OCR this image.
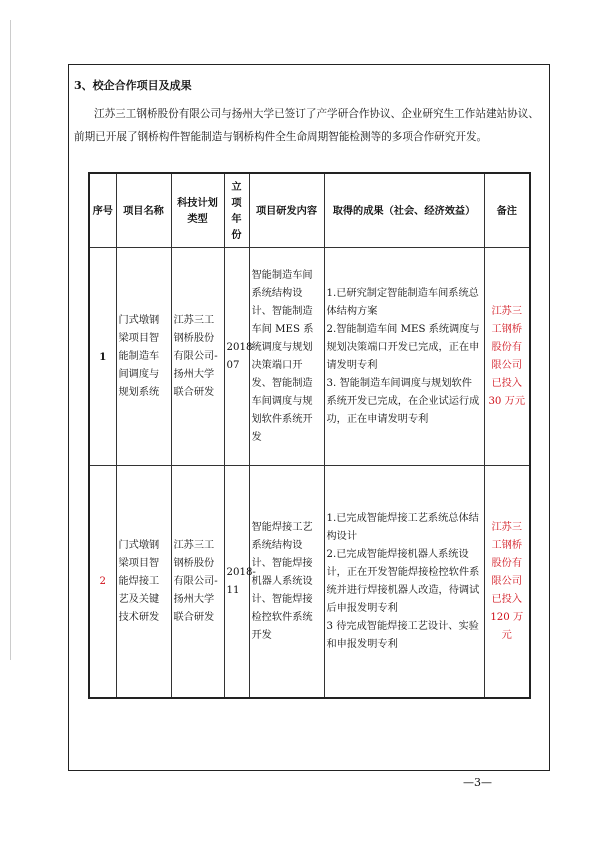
3、校企合作项目及成果

江苏三工钢桥股份有限公司与扬州大学已签订了产学研合作协议、企业研究生工作站建站协议、

前期已开展了钢桥构件智能制造与钢桥构件全生命周期智能检测等的多项合作研究开发。

序号	项目名称	科技计划类型	立项年份	项目研发内容	取得的成果（社会、经济效益）	备注
1	门式墩钢梁项目智能制造车间调度与规划系统	江苏三工钢桥股份有限公司-扬州大学联合研发	2018-07	智能制造车间系统结构设计、智能制造车间 MES 系统调度与规划决策端口开发、智能制造车间调度与规划软件系统开发	1.已研究制定智能制造车间系统总体结构方案
2.智能制造车间 MES 系统调度与规划决策端口开发已完成，正在申请发明专利
3. 智能制造车间调度与规划软件系统开发已完成，在企业试运行成功，正在申请发明专利	江苏三工钢桥股份有限公司已投入 30 万元
2	门式墩钢梁项目智能焊接工艺及关键技术研发	江苏三工钢桥股份有限公司-扬州大学联合研发	2018-11	智能焊接工艺系统结构设计、智能焊接机器人系统设计、智能焊接检控软件系统开发	1.已完成智能焊接工艺系统总体结构设计
2.已完成智能焊接机器人系统设计，正在开发智能焊接检控软件系统并进行焊接机器人改造，待调试后申报发明专利
3 待完成智能焊接工艺设计、实验和申报发明专利	江苏三工钢桥股份有限公司已投入 120 万元
—3—
